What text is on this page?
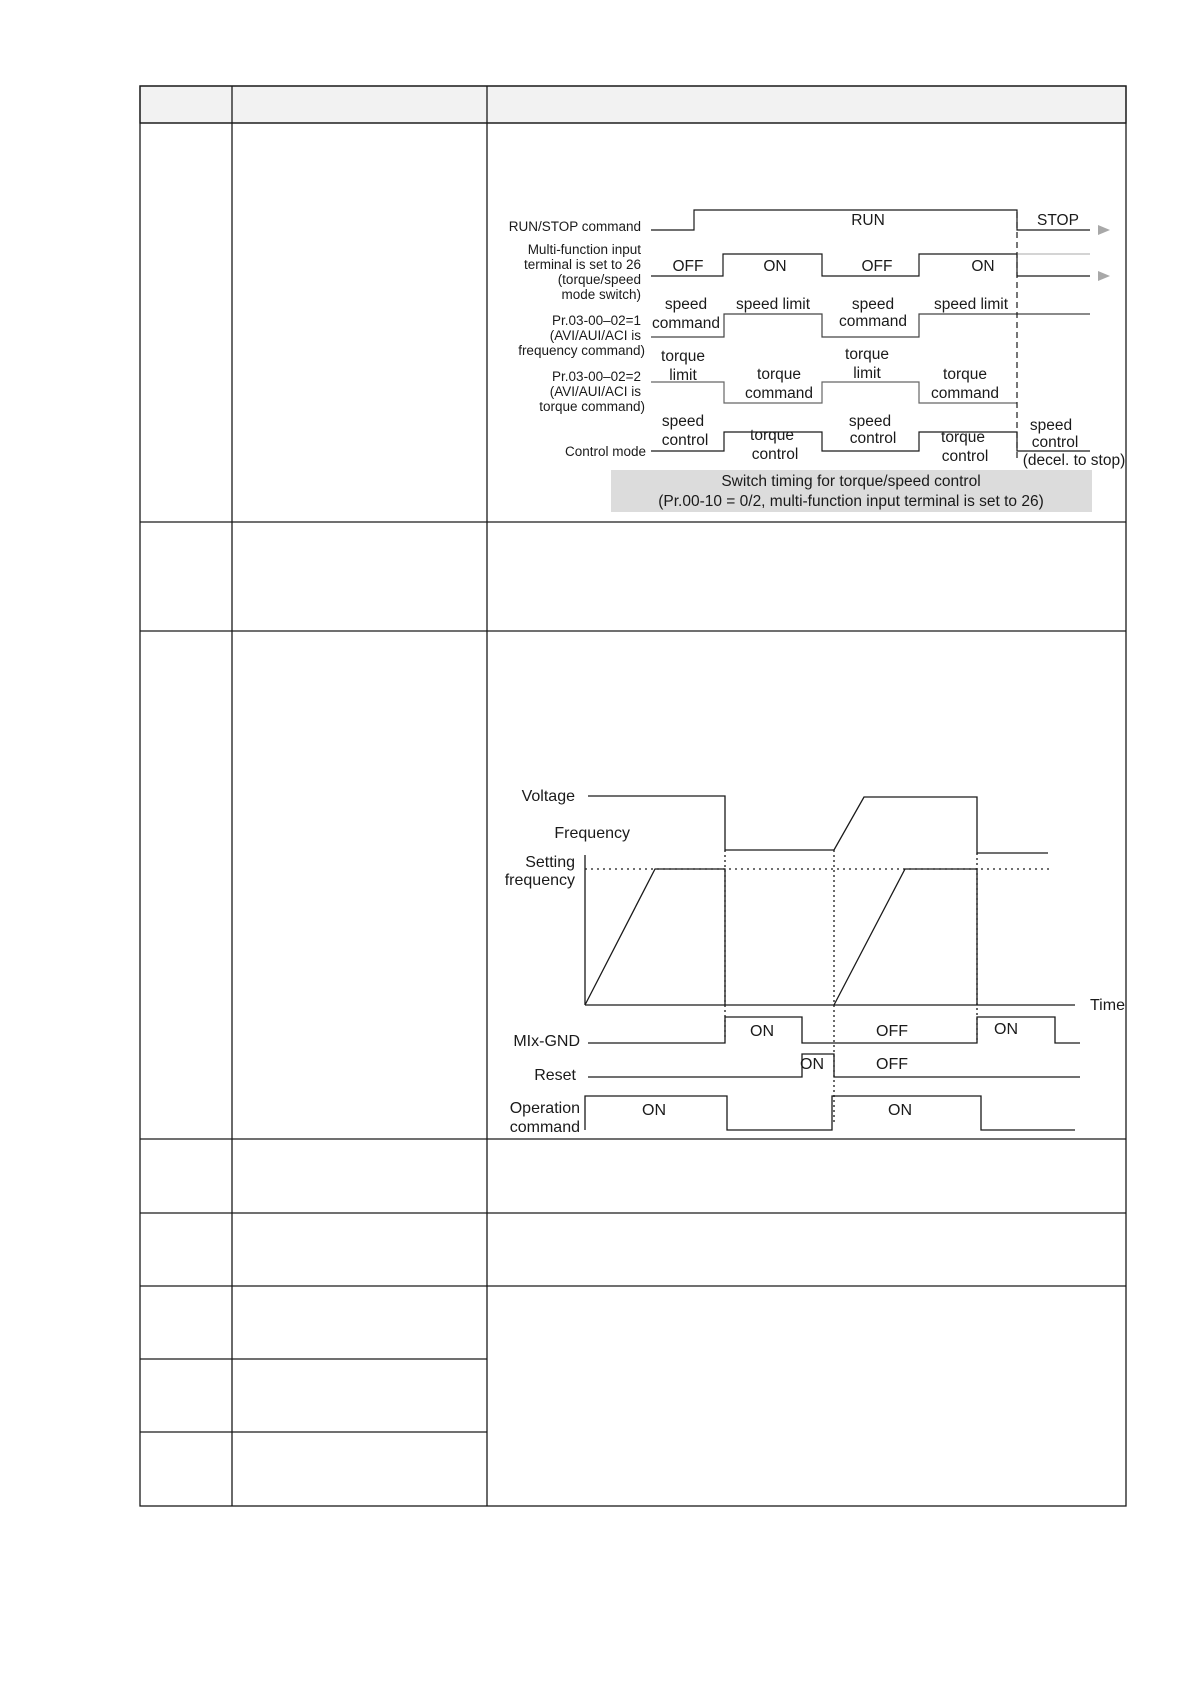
Switch timing for torque/speed control
(Pr.00-10 = 0/2, multi-function input terminal is set to 26)
RUN/STOP command
Multi-function input
terminal is set to 26
(torque/speed
mode switch)
Pr.03-00–02=1
(AVI/AUI/ACI is
frequency command)
Pr.03-00–02=2
(AVI/AUI/ACI is
torque command)
Control mode
RUN	STOP
OFF	ON	OFF	ON
speed
command
speed limit	speed
command
speed limit
torque
limit	torque
command
torque
limit	torque
command
speed
control	torque
control
speed
control	torque
control
speed
control
(decel. to stop)
Voltage
Frequency
Setting
frequency
MIx-GND
Reset
Operation
command
Time
ON	OFF	ON
ON	OFF
ON	ON
